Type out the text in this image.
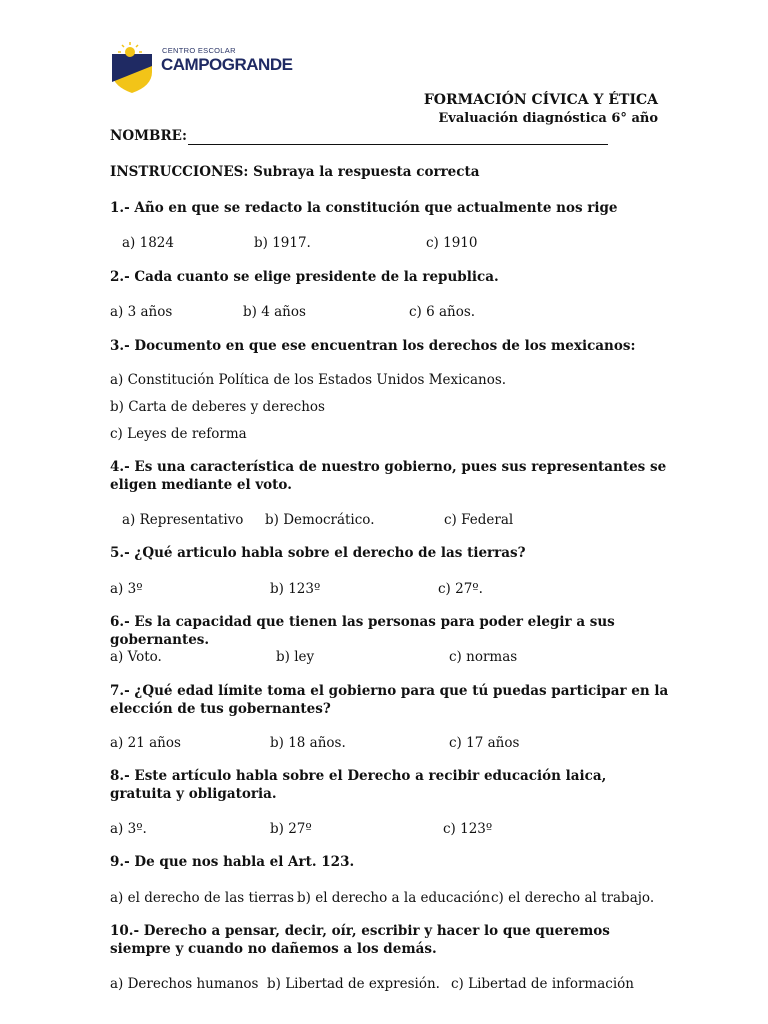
CENTRO ESCOLAR
CAMPOGRANDE
FORMACIÓN CÍVICA Y ÉTICA
Evaluación diagnóstica 6° año
NOMBRE:
INSTRUCCIONES: Subraya la respuesta correcta
1.- Año en que se redacto la constitución que actualmente nos rige
a) 1824	b) 1917.	c) 1910
2.- Cada cuanto se elige presidente de la republica.
a) 3 años	b) 4 años	c) 6 años.
3.- Documento en que ese encuentran los derechos de los mexicanos:
a) Constitución Política de los Estados Unidos Mexicanos.
b) Carta de deberes y derechos
c) Leyes de reforma
4.- Es una característica de nuestro gobierno, pues sus representantes se eligen mediante el voto.
a) Representativo b) Democrático.	c) Federal
5.- ¿Qué articulo habla sobre el derecho de las tierras?
a) 3º	b) 123º	c) 27º.
6.- Es la capacidad que tienen las personas para poder elegir a sus gobernantes.
a) Voto.	b) ley	c) normas
7.- ¿Qué edad límite toma el gobierno para que tú puedas participar en la elección de tus gobernantes?
a) 21 años	b) 18 años.	c) 17 años
8.- Este artículo habla sobre el Derecho a recibir educación laica, gratuita y obligatoria.
a) 3º.	b) 27º	c) 123º
9.- De que nos habla el Art. 123.
a) el derecho de las tierras b) el derecho a la educación c) el derecho al trabajo.
10.- Derecho a pensar, decir, oír, escribir y hacer lo que queremos siempre y cuando no dañemos a los demás.
a) Derechos humanos b) Libertad de expresión. c) Libertad de información
